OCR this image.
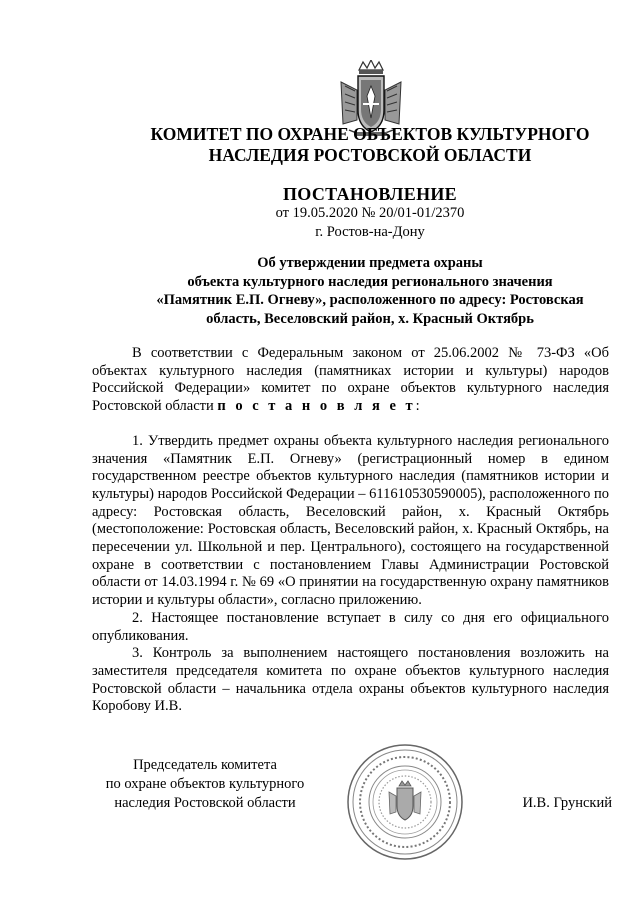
КОМИТЕТ ПО ОХРАНЕ ОБЪЕКТОВ КУЛЬТУРНОГО
НАСЛЕДИЯ РОСТОВСКОЙ ОБЛАСТИ
ПОСТАНОВЛЕНИЕ
от 19.05.2020 № 20/01-01/2370
г. Ростов-на-Дону
Об утверждении предмета охраны
объекта культурного наследия регионального значения
«Памятник Е.П. Огневу», расположенного по адресу: Ростовская
область, Веселовский район, х. Красный Октябрь

В соответствии с Федеральным законом от 25.06.2002 № 73-ФЗ «Об объектах культурного наследия (памятниках истории и культуры) народов Российской Федерации» комитет по охране объектов культурного наследия Ростовской области п о с т а н о в л я е т:

1. Утвердить предмет охраны объекта культурного наследия регионального значения «Памятник Е.П. Огневу» (регистрационный номер в едином государственном реестре объектов культурного наследия (памятников истории и культуры) народов Российской Федерации – 611610530590005), расположенного по адресу: Ростовская область, Веселовский район, х. Красный Октябрь (местоположение: Ростовская область, Веселовский район, х. Красный Октябрь, на пересечении ул. Школьной и пер. Центрального), состоящего на государственной охране в соответствии с постановлением Главы Администрации Ростовской области от 14.03.1994 г. № 69 «О принятии на государственную охрану памятников истории и культуры области», согласно приложению.

2. Настоящее постановление вступает в силу со дня его официального опубликования.

3. Контроль за выполнением настоящего постановления возложить на заместителя председателя комитета по охране объектов культурного наследия Ростовской области – начальника отдела охраны объектов культурного наследия Коробову И.В.

Председатель комитета
по охране объектов культурного
наследия Ростовской области	И.В. Грунский
